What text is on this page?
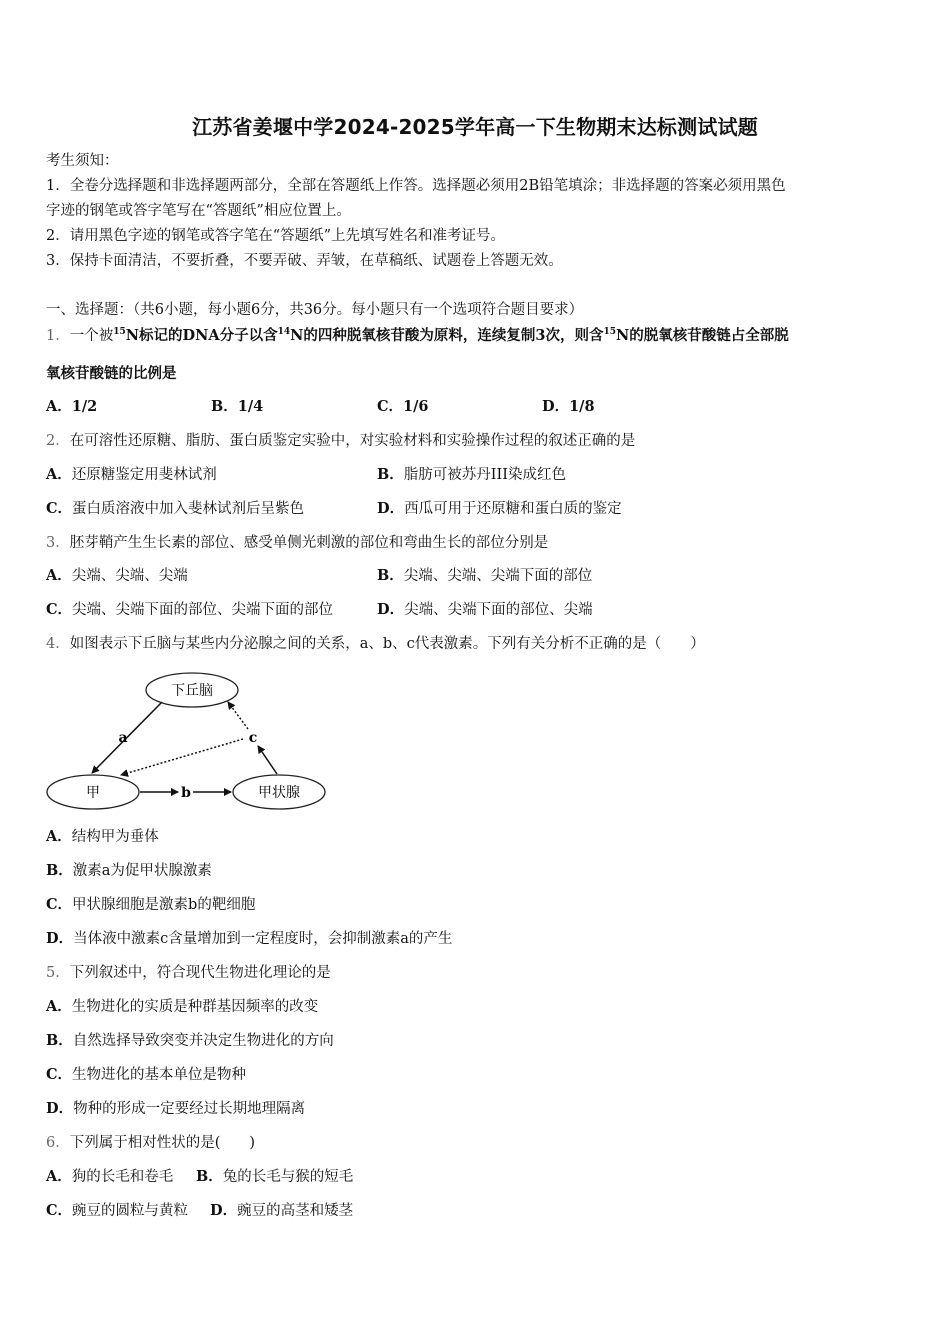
江苏省姜堰中学2024-2025学年高一下生物期末达标测试试题
考生须知：
1．全卷分选择题和非选择题两部分，全部在答题纸上作答。选择题必须用2B铅笔填涂；非选择题的答案必须用黑色
字迹的钢笔或答字笔写在“答题纸”相应位置上。
2．请用黑色字迹的钢笔或答字笔在“答题纸”上先填写姓名和准考证号。
3．保持卡面清洁，不要折叠，不要弄破、弄皱，在草稿纸、试题卷上答题无效。
一、选择题：（共6小题，每小题6分，共36分。每小题只有一个选项符合题目要求）
1．一个被$^{15}$N标记的DNA分子以含$^{14}$N的四种脱氧核苷酸为原料，连续复制3次，则含$^{15}$N的脱氧核苷酸链占全部脱
氧核苷酸链的比例是
A．1/2	B．1/4	C．1/6	D．1/8
2．在可溶性还原糖、脂肪、蛋白质鉴定实验中，对实验材料和实验操作过程的叙述正确的是
A．还原糖鉴定用斐林试剂	B．脂肪可被苏丹III染成红色
C．蛋白质溶液中加入斐林试剂后呈紫色	D．西瓜可用于还原糖和蛋白质的鉴定
3．胚芽鞘产生生长素的部位、感受单侧光刺激的部位和弯曲生长的部位分别是
A．尖端、尖端、尖端	B．尖端、尖端、尖端下面的部位
C．尖端、尖端下面的部位、尖端下面的部位	D．尖端、尖端下面的部位、尖端
4．如图表示下丘脑与某些内分泌腺之间的关系，a、b、c代表激素。下列有关分析不正确的是（　　）
下丘脑
甲	甲状腺
a
b
c
A．结构甲为垂体
B．激素a为促甲状腺激素
C．甲状腺细胞是激素b的靶细胞
D．当体液中激素c含量增加到一定程度时，会抑制激素a的产生
5．下列叙述中，符合现代生物进化理论的是
A．生物进化的实质是种群基因频率的改变
B．自然选择导致突变并决定生物进化的方向
C．生物进化的基本单位是物种
D．物种的形成一定要经过长期地理隔离
6．下列属于相对性状的是(　　)
A．狗的长毛和卷毛 B．兔的长毛与猴的短毛
C．豌豆的圆粒与黄粒 D．豌豆的高茎和矮茎
